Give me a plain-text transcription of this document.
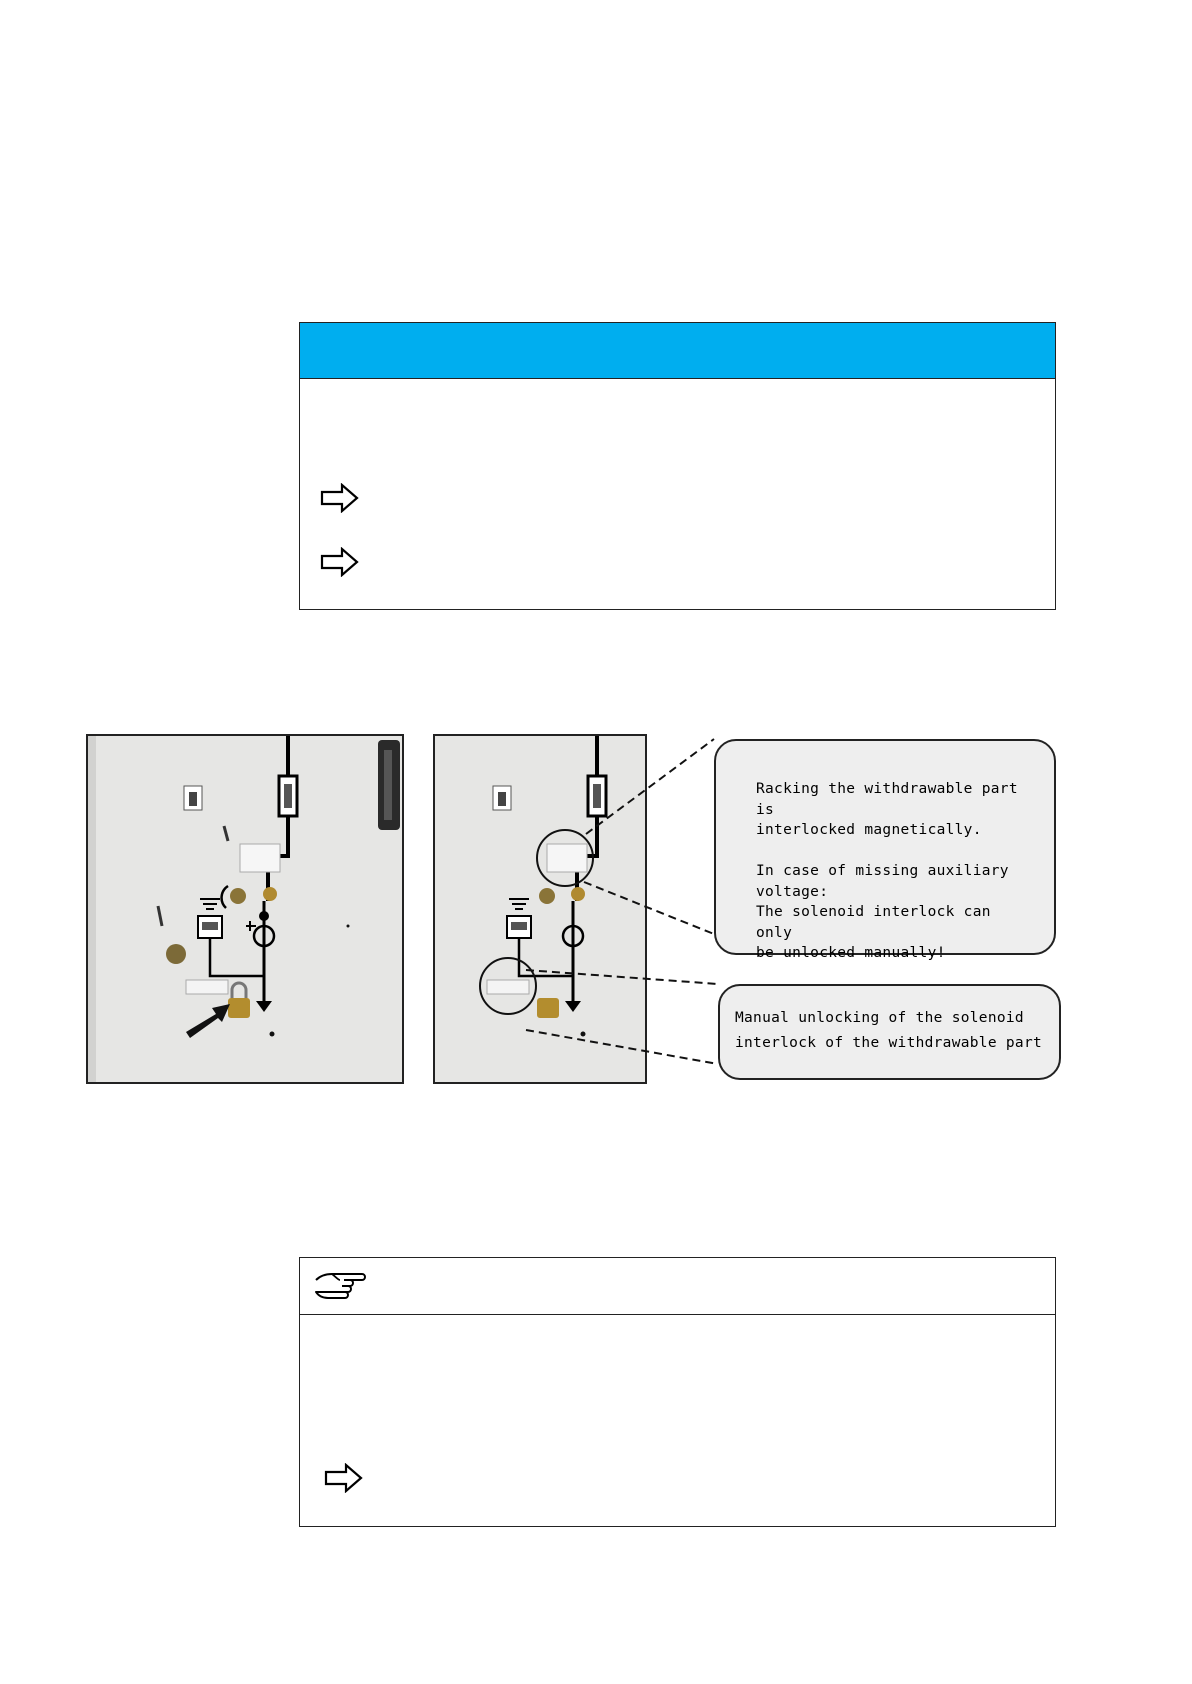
Racking the withdrawable part is
interlocked magnetically.

In case of missing auxiliary
voltage:
The solenoid interlock can only
be unlocked manually!
Manual unlocking of the solenoid
interlock of the withdrawable part
